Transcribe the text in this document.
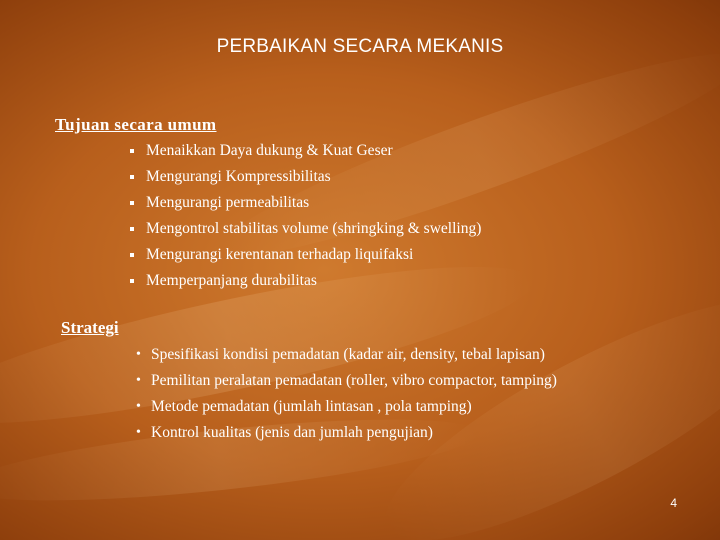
PERBAIKAN SECARA MEKANIS
Tujuan secara umum
Menaikkan Daya dukung & Kuat Geser
Mengurangi Kompressibilitas
Mengurangi permeabilitas
Mengontrol stabilitas volume (shringking & swelling)
Mengurangi kerentanan terhadap liquifaksi
Memperpanjang durabilitas
Strategi
• Spesifikasi kondisi pemadatan (kadar air, density, tebal lapisan)
• Pemilitan peralatan pemadatan (roller, vibro compactor, tamping)
• Metode pemadatan (jumlah lintasan , pola tamping)
• Kontrol kualitas (jenis dan jumlah pengujian)
4
